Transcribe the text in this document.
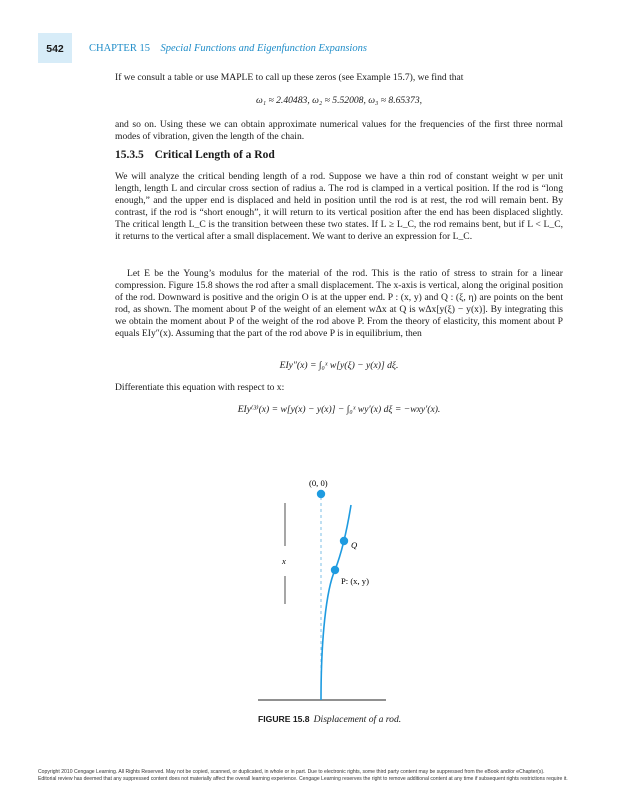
542	CHAPTER 15 Special Functions and Eigenfunction Expansions

If we consult a table or use MAPLE to call up these zeros (see Example 15.7), we find that

ω₁ ≈ 2.40483, ω₂ ≈ 5.52008, ω₃ ≈ 8.65373,

and so on. Using these we can obtain approximate numerical values for the frequencies of the first three normal modes of vibration, given the length of the chain.

15.3.5 Critical Length of a Rod

We will analyze the critical bending length of a rod. Suppose we have a thin rod of constant weight w per unit length, length L and circular cross section of radius a. The rod is clamped in a vertical position. If the rod is “long enough,” and the upper end is displaced and held in position until the rod is at rest, the rod will remain bent. By contrast, if the rod is “short enough”, it will return to its vertical position after the end has been displaced slightly. The critical length L_C is the transition between these two states. If L ≥ L_C, the rod remains bent, but if L < L_C, it returns to the vertical after a small displacement. We want to derive an expression for L_C.

Let E be the Young’s modulus for the material of the rod. This is the ratio of stress to strain for a linear compression. Figure 15.8 shows the rod after a small displacement. The x-axis is vertical, along the original position of the rod. Downward is positive and the origin O is at the upper end. P : (x, y) and Q : (ξ, η) are points on the bent rod, as shown. The moment about P of the weight of an element wΔx at Q is wΔx[y(ξ) − y(x)]. By integrating this we obtain the moment about P of the weight of the rod above P. From the theory of elasticity, this moment about P equals EIy″(x). Assuming that the part of the rod above P is in equilibrium, then

EIy″(x) = ∫₀ˣ w[y(ξ) − y(x)] dξ.

Differentiate this equation with respect to x:

EIy⁽³⁾(x) = w[y(x) − y(x)] − ∫₀ˣ wy′(x) dξ = −wxy′(x).
(0, 0)
Q
P: (x, y)
x
FIGURE 15.8 Displacement of a rod.
Copyright 2010 Cengage Learning. All Rights Reserved. May not be copied, scanned, or duplicated, in whole or in part. Due to electronic rights, some third party content may be suppressed from the eBook and/or eChapter(s).
Editorial review has deemed that any suppressed content does not materially affect the overall learning experience. Cengage Learning reserves the right to remove additional content at any time if subsequent rights restrictions require it.
